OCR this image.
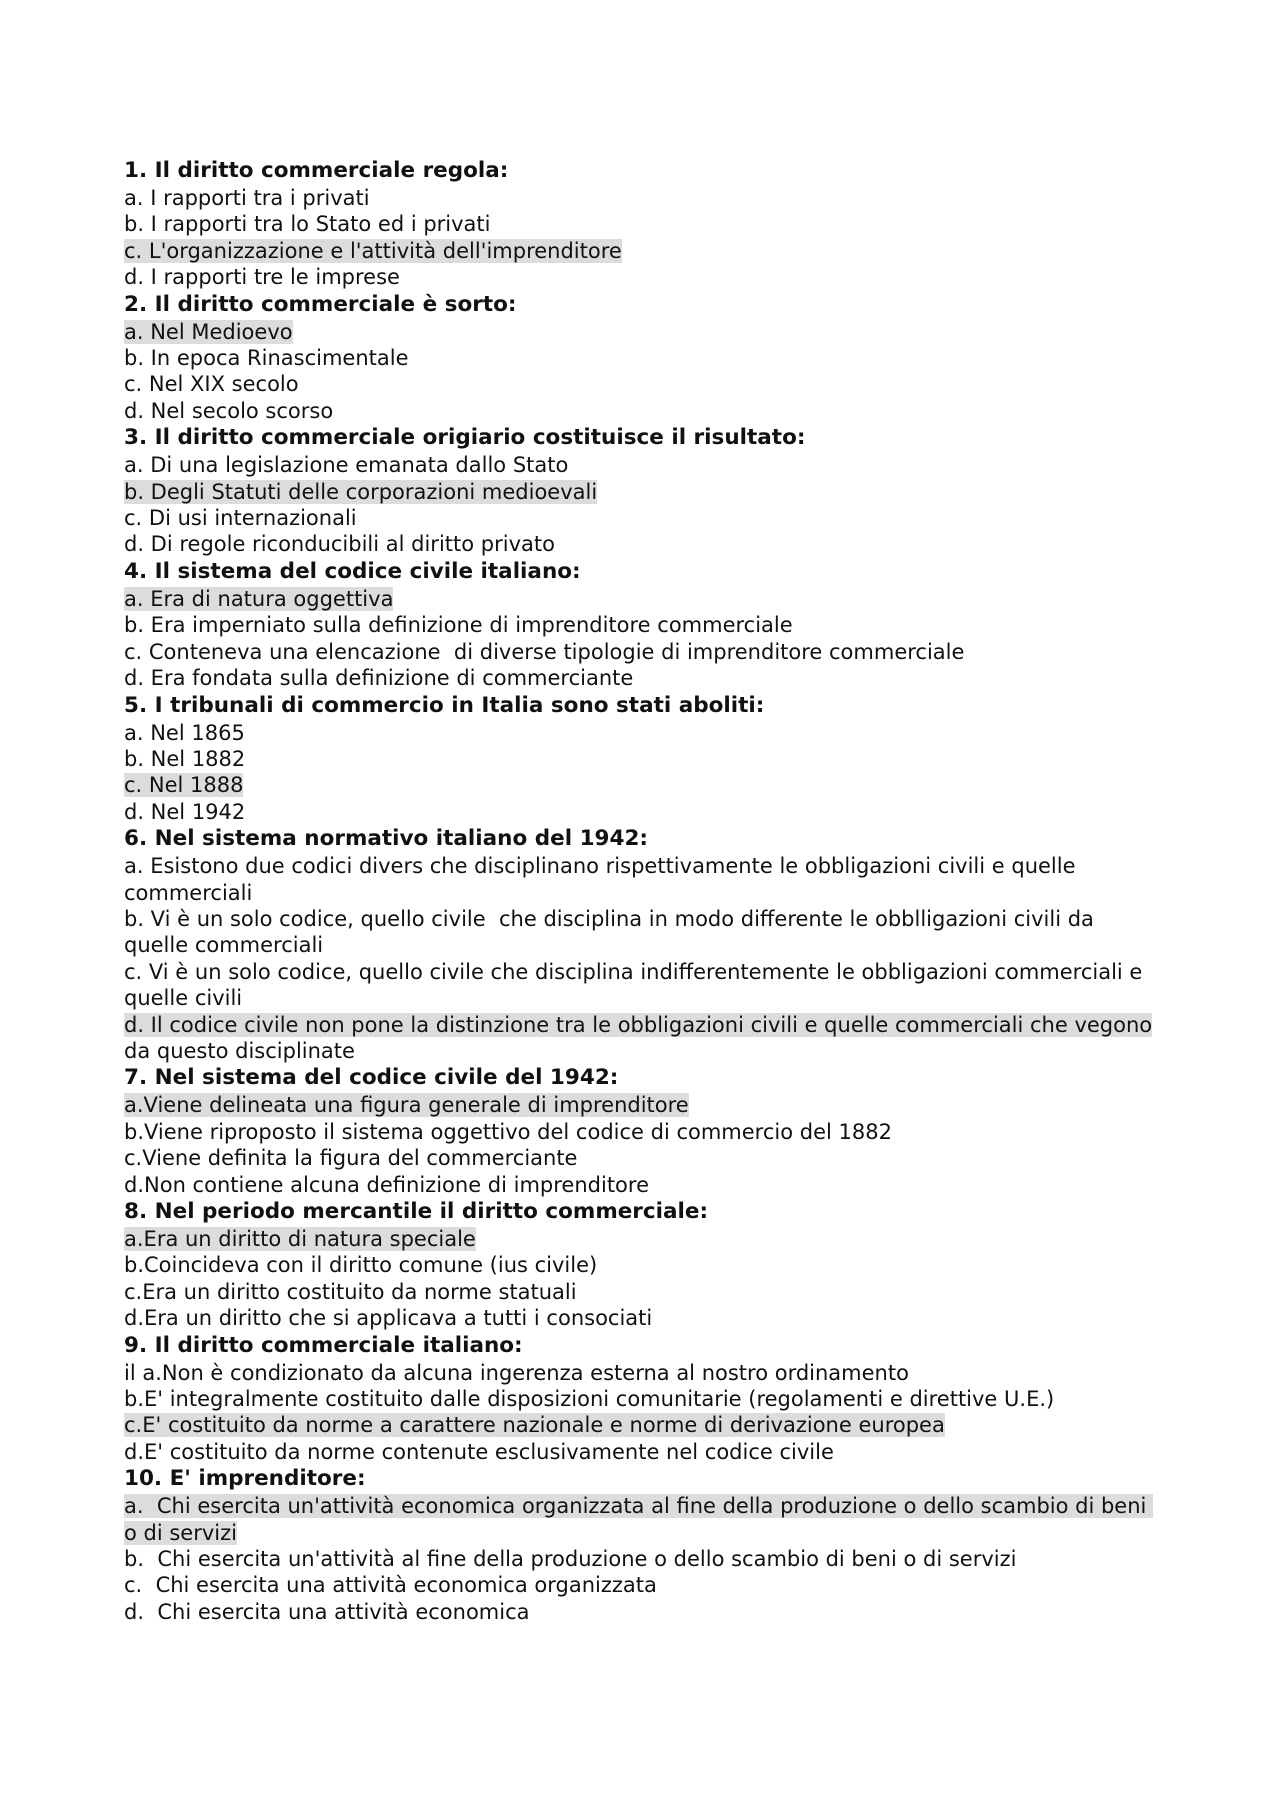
1. Il diritto commerciale regola:
a. I rapporti tra i privati
b. I rapporti tra lo Stato ed i privati
c. L'organizzazione e l'attività dell'imprenditore
d. I rapporti tre le imprese
2. Il diritto commerciale è sorto:
a. Nel Medioevo
b. In epoca Rinascimentale
c. Nel XIX secolo
d. Nel secolo scorso
3. Il diritto commerciale origiario costituisce il risultato:
a. Di una legislazione emanata dallo Stato
b. Degli Statuti delle corporazioni medioevali
c. Di usi internazionali
d. Di regole riconducibili al diritto privato
4. Il sistema del codice civile italiano:
a. Era di natura oggettiva
b. Era imperniato sulla definizione di imprenditore commerciale
c. Conteneva una elencazione  di diverse tipologie di imprenditore commerciale
d. Era fondata sulla definizione di commerciante
5. I tribunali di commercio in Italia sono stati aboliti:
a. Nel 1865
b. Nel 1882
c. Nel 1888
d. Nel 1942
6. Nel sistema normativo italiano del 1942:
a. Esistono due codici divers che disciplinano rispettivamente le obbligazioni civili e quelle commerciali
b. Vi è un solo codice, quello civile  che disciplina in modo differente le obblligazioni civili da quelle commerciali
c. Vi è un solo codice, quello civile che disciplina indifferentemente le obbligazioni commerciali e quelle civili
d. Il codice civile non pone la distinzione tra le obbligazioni civili e quelle commerciali che vegono da questo disciplinate
7. Nel sistema del codice civile del 1942:
a.Viene delineata una figura generale di imprenditore
b.Viene riproposto il sistema oggettivo del codice di commercio del 1882
c.Viene definita la figura del commerciante
d.Non contiene alcuna definizione di imprenditore
8. Nel periodo mercantile il diritto commerciale:
a.Era un diritto di natura speciale
b.Coincideva con il diritto comune (ius civile)
c.Era un diritto costituito da norme statuali
d.Era un diritto che si applicava a tutti i consociati
9. Il diritto commerciale italiano:
il a.Non è condizionato da alcuna ingerenza esterna al nostro ordinamento
b.E' integralmente costituito dalle disposizioni comunitarie (regolamenti e direttive U.E.)
c.E' costituito da norme a carattere nazionale e norme di derivazione europea
d.E' costituito da norme contenute esclusivamente nel codice civile
10. E' imprenditore:
a.  Chi esercita un'attività economica organizzata al fine della produzione o dello scambio di beni o di servizi
b.  Chi esercita un'attività al fine della produzione o dello scambio di beni o di servizi
c.  Chi esercita una attività economica organizzata
d.  Chi esercita una attività economica
